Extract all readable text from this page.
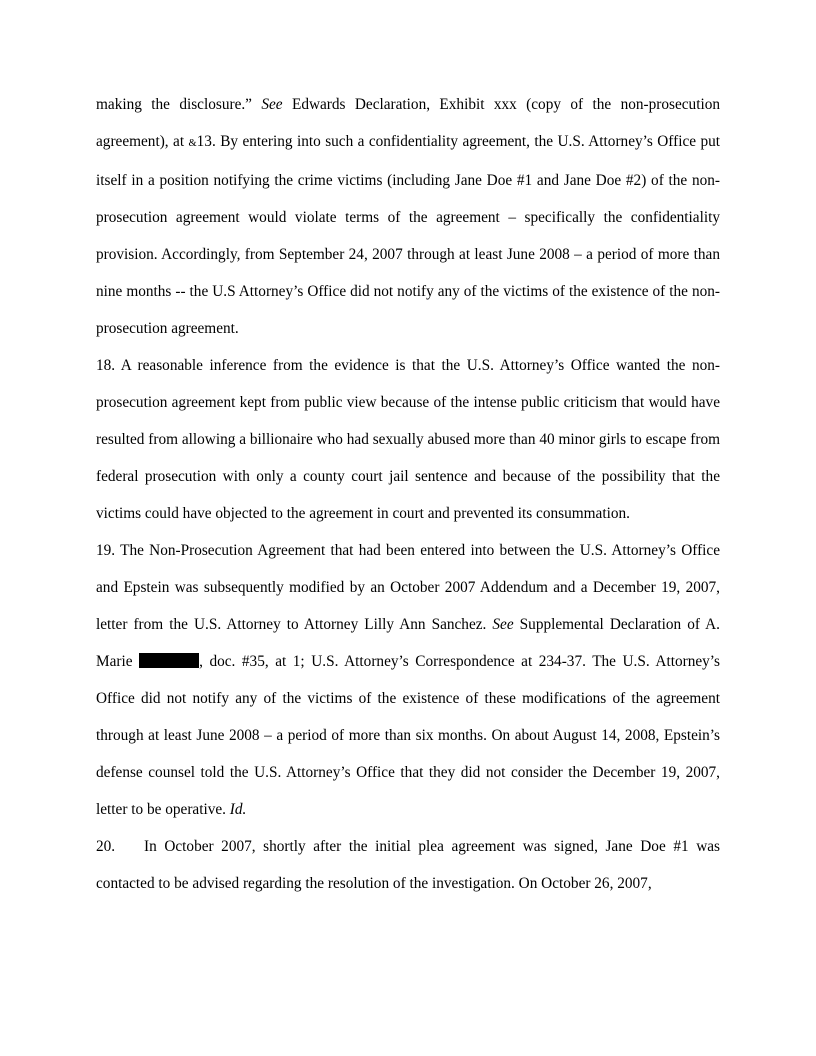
making the disclosure.” See Edwards Declaration, Exhibit xxx (copy of the non-prosecution agreement), at &13. By entering into such a confidentiality agreement, the U.S. Attorney’s Office put itself in a position notifying the crime victims (including Jane Doe #1 and Jane Doe #2) of the non-prosecution agreement would violate terms of the agreement – specifically the confidentiality provision. Accordingly, from September 24, 2007 through at least June 2008 – a period of more than nine months -- the U.S Attorney’s Office did not notify any of the victims of the existence of the non-prosecution agreement.

18. A reasonable inference from the evidence is that the U.S. Attorney’s Office wanted the non-prosecution agreement kept from public view because of the intense public criticism that would have resulted from allowing a billionaire who had sexually abused more than 40 minor girls to escape from federal prosecution with only a county court jail sentence and because of the possibility that the victims could have objected to the agreement in court and prevented its consummation.

19. The Non-Prosecution Agreement that had been entered into between the U.S. Attorney’s Office and Epstein was subsequently modified by an October 2007 Addendum and a December 19, 2007, letter from the U.S. Attorney to Attorney Lilly Ann Sanchez. See Supplemental Declaration of A. Marie	, doc. #35, at 1; U.S. Attorney’s Correspondence at 234-37. The U.S. Attorney’s Office did not notify any of the victims of the existence of these modifications of the agreement through at least June 2008 – a period of more than six months. On about August 14, 2008, Epstein’s defense counsel told the U.S. Attorney’s Office that they did not consider the December 19, 2007, letter to be operative. Id.

20. In October 2007, shortly after the initial plea agreement was signed, Jane Doe #1 was contacted to be advised regarding the resolution of the investigation. On October 26, 2007,
